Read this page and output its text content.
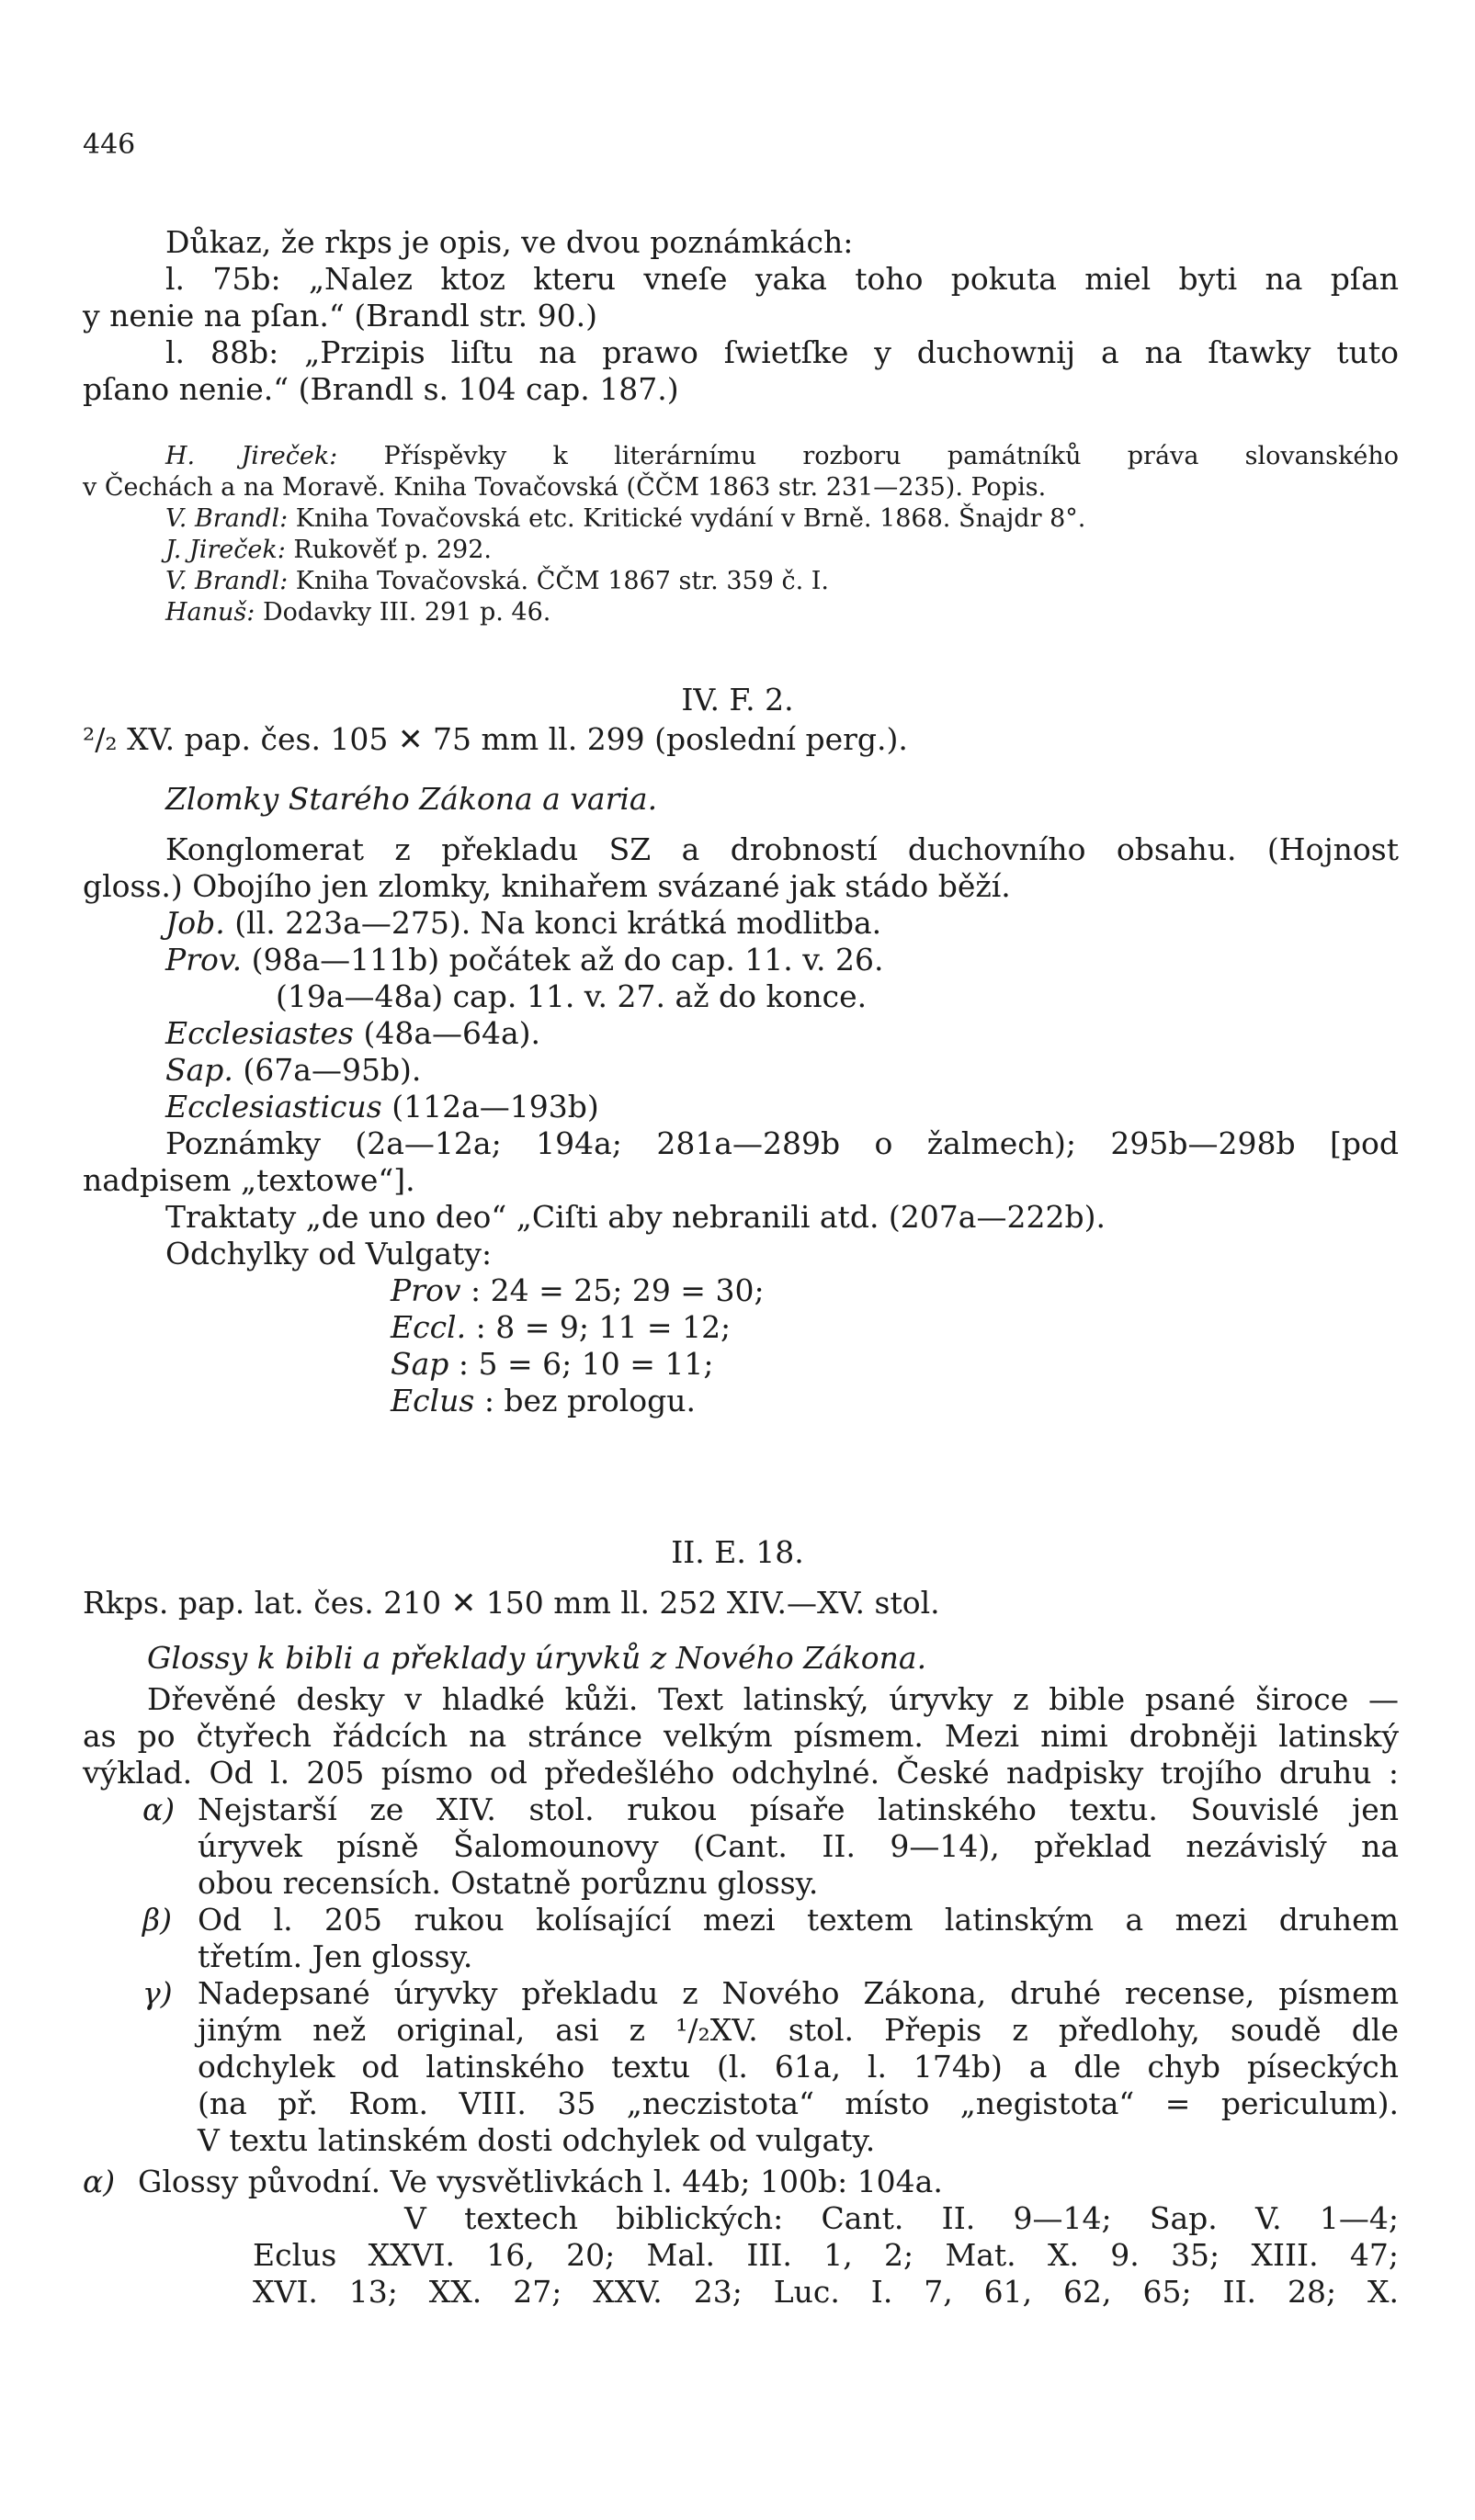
446
Důkaz, že rkps je opis, ve dvou poznámkách:
l. 75b: „Nalez ktoz kteru vneſe yaka toho pokuta miel byti na pſan
y nenie na pſan.“ (Brandl str. 90.)
l. 88b: „Przipis liſtu na prawo ſwietſke y duchownij a na ſtawky tuto
pſano nenie.“ (Brandl s. 104 cap. 187.)
H. Jireček: Příspěvky k literárnímu rozboru památníků práva slovanského
v Čechách a na Moravě. Kniha Tovačovská (ČČM 1863 str. 231—235). Popis.
V. Brandl: Kniha Tovačovská etc. Kritické vydání v Brně. 1868. Šnajdr 8°.
J. Jireček: Rukověť p. 292.
V. Brandl: Kniha Tovačovská. ČČM 1867 str. 359 č. I.
Hanuš: Dodavky III. 291 p. 46.
IV. F. 2.
²/₂ XV. pap. čes. 105 ✕ 75 mm ll. 299 (poslední perg.).
Zlomky Starého Zákona a varia.
Konglomerat z překladu SZ a drobností duchovního obsahu. (Hojnost
gloss.) Obojího jen zlomky, knihařem svázané jak stádo běží.
Job. (ll. 223a—275). Na konci krátká modlitba.
Prov. (98a—111b) počátek až do cap. 11. v. 26.
(19a—48a) cap. 11. v. 27. až do konce.
Ecclesiastes (48a—64a).
Sap. (67a—95b).
Ecclesiasticus (112a—193b)
Poznámky (2a—12a; 194a; 281a—289b o žalmech); 295b—298b [pod
nadpisem „textowe“].
Traktaty „de uno deo“ „Ciſti aby nebranili atd. (207a—222b).
Odchylky od Vulgaty:
Prov : 24 = 25; 29 = 30;
Eccl. : 8 = 9; 11 = 12;
Sap : 5 = 6; 10 = 11;
Eclus : bez prologu.
II. E. 18.
Rkps. pap. lat. čes. 210 ✕ 150 mm ll. 252 XIV.—XV. stol.
Glossy k bibli a překlady úryvků z Nového Zákona.
Dřevěné desky v hladké kůži. Text latinský, úryvky z bible psané široce —
as po čtyřech řádcích na stránce velkým písmem. Mezi nimi drobněji latinský
výklad. Od l. 205 písmo od předešlého odchylné. České nadpisky trojího druhu :
α) Nejstarší ze XIV. stol. rukou písaře latinského textu. Souvislé jen
úryvek písně Šalomounovy (Cant. II. 9—14), překlad nezávislý na
obou recensích. Ostatně porůznu glossy.
β) Od l. 205 rukou kolísající mezi textem latinským a mezi druhem
třetím. Jen glossy.
γ) Nadepsané úryvky překladu z Nového Zákona, druhé recense, písmem
jiným než original, asi z ¹/₂XV. stol. Přepis z předlohy, soudě dle
odchylek od latinského textu (l. 61a, l. 174b) a dle chyb píseckých
(na př. Rom. VIII. 35 „neczistota“ místo „negistota“ = periculum).
V textu latinském dosti odchylek od vulgaty.
α) Glossy původní. Ve vysvětlivkách l. 44b; 100b: 104a.
V textech biblických: Cant. II. 9—14; Sap. V. 1—4;
Eclus XXVI. 16, 20; Mal. III. 1, 2; Mat. X. 9. 35; XIII. 47;
XVI. 13; XX. 27; XXV. 23; Luc. I. 7, 61, 62, 65; II. 28; X.
